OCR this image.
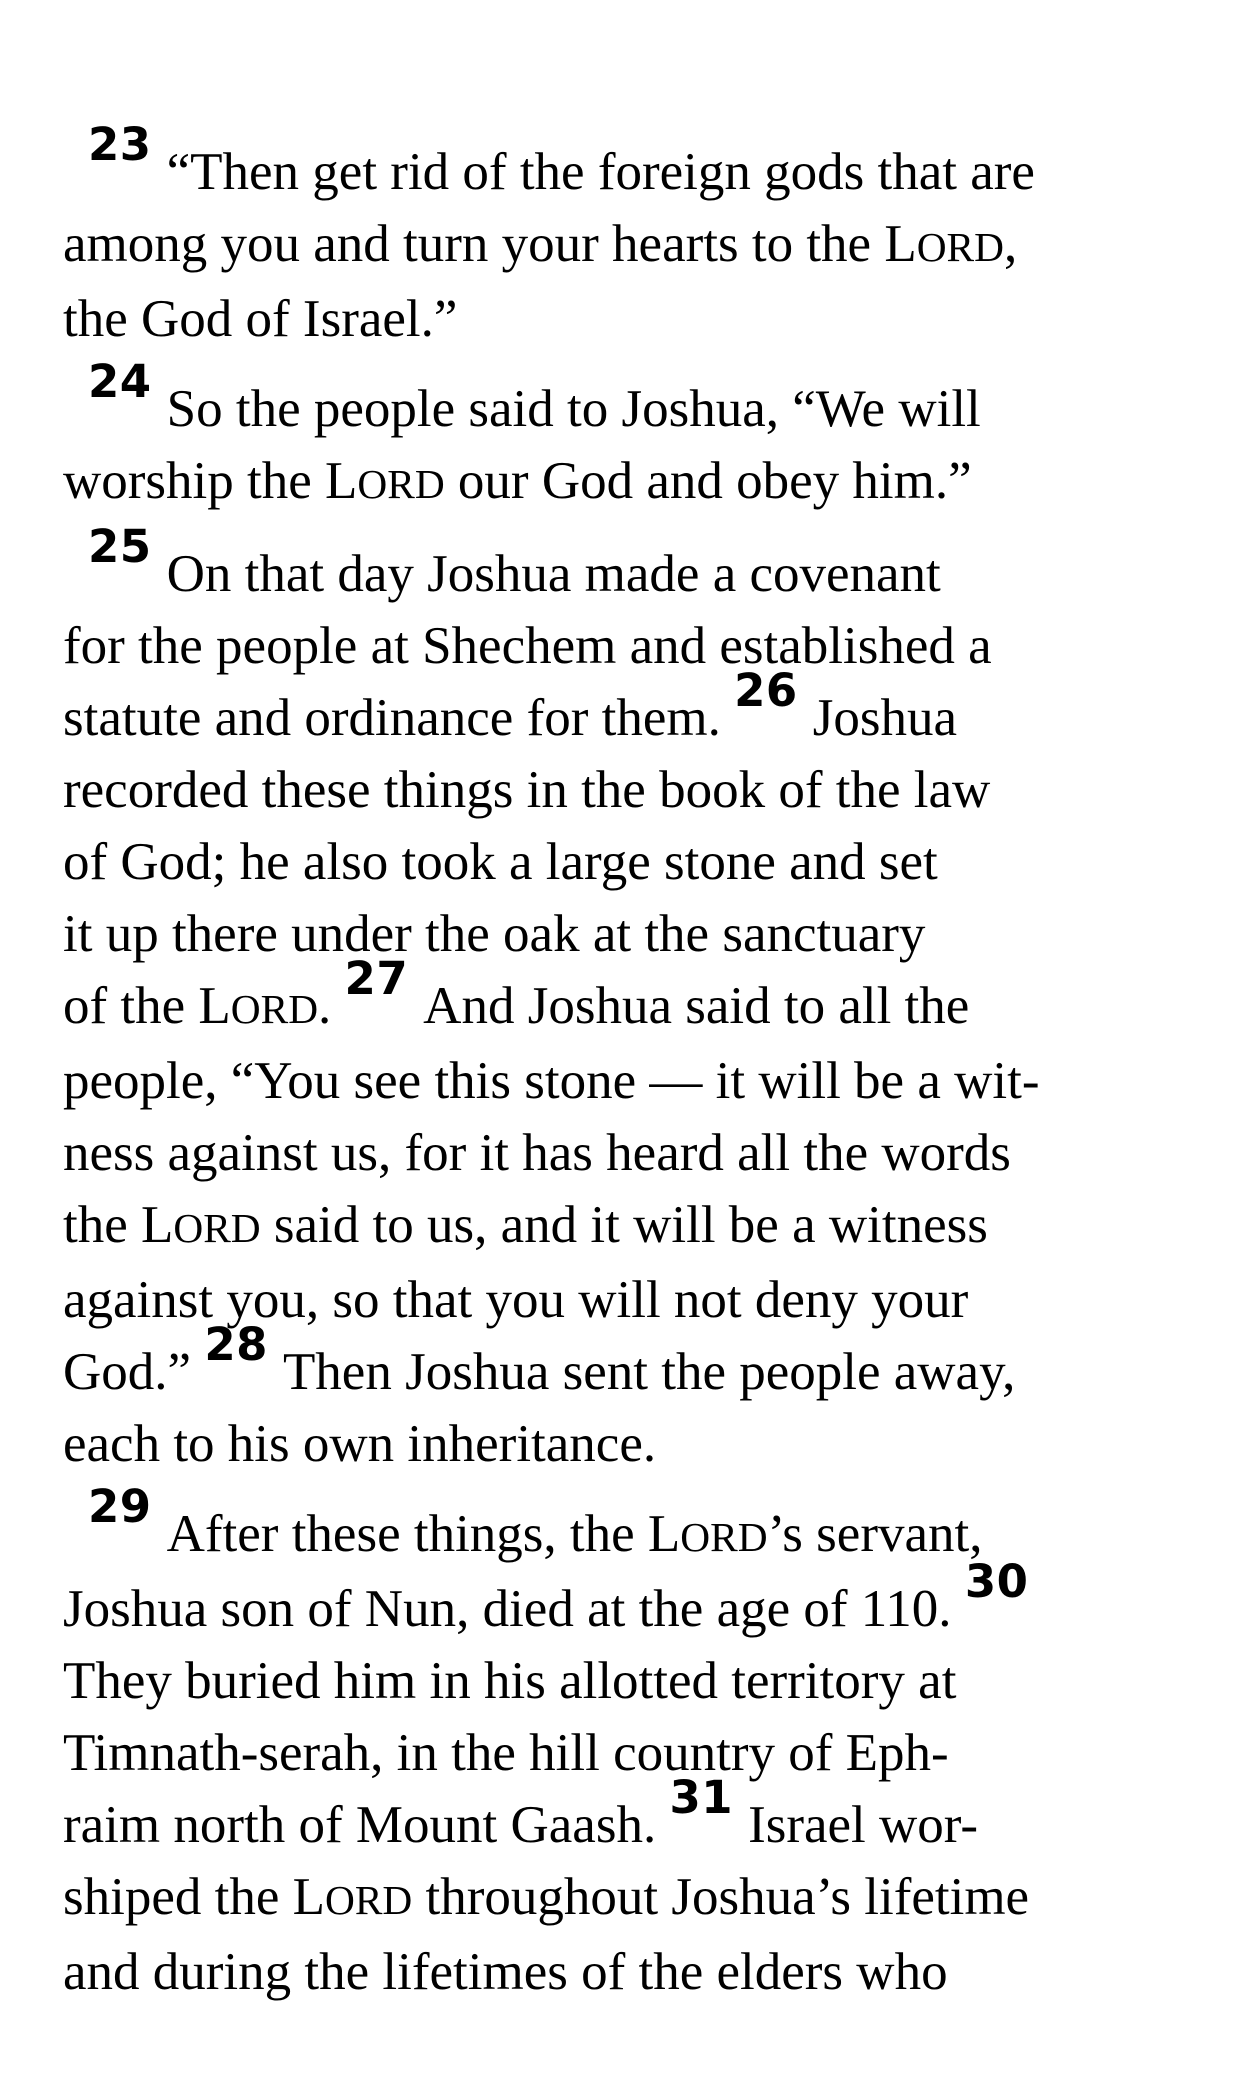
$^{23}$ “Then get rid of the foreign gods that are
among you and turn your hearts to the LORD,
the God of Israel.”
$^{24}$ So the people said to Joshua, “We will
worship the LORD our God and obey him.”
$^{25}$ On that day Joshua made a covenant
for the people at Shechem and established a
statute and ordinance for them. $^{26}$ Joshua
recorded these things in the book of the law
of God; he also took a large stone and set
it up there under the oak at the sanctuary
of the LORD. $^{27}$ And Joshua said to all the
people, “You see this stone — it will be a wit-
ness against us, for it has heard all the words
the LORD said to us, and it will be a witness
against you, so that you will not deny your
God.” $^{28}$ Then Joshua sent the people away,
each to his own inheritance.
$^{29}$ After these things, the LORD’s servant,
Joshua son of Nun, died at the age of 110. $^{30}$
They buried him in his allotted territory at
Timnath-serah, in the hill country of Eph-
raim north of Mount Gaash. $^{31}$ Israel wor-
shiped the LORD throughout Joshua’s lifetime
and during the lifetimes of the elders who
